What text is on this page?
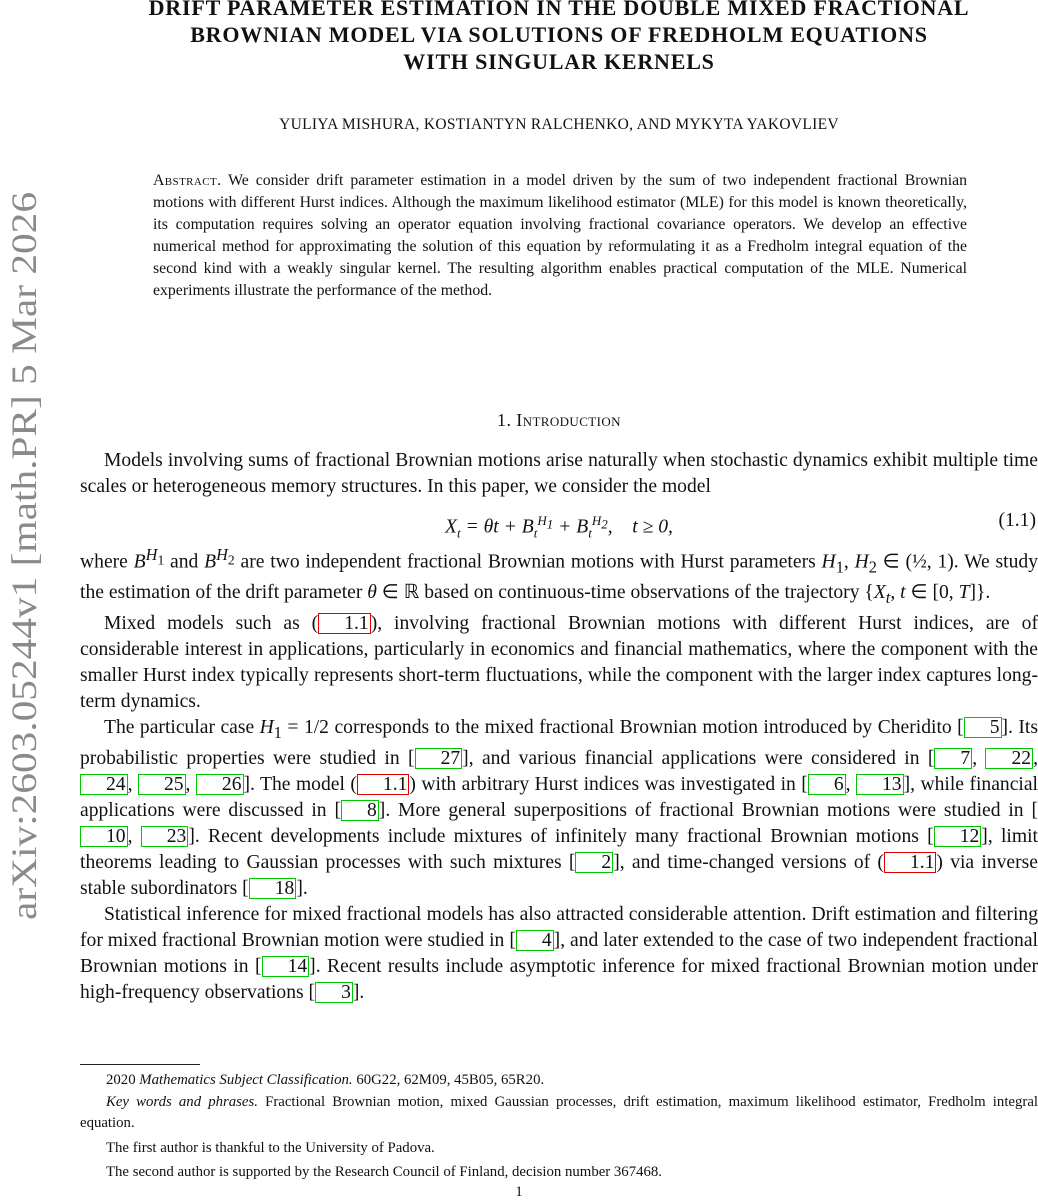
arXiv:2603.05244v1 [math.PR] 5 Mar 2026
DRIFT PARAMETER ESTIMATION IN THE DOUBLE MIXED FRACTIONAL
BROWNIAN MODEL VIA SOLUTIONS OF FREDHOLM EQUATIONS
WITH SINGULAR KERNELS
YULIYA MISHURA, KOSTIANTYN RALCHENKO, AND MYKYTA YAKOVLIEV
Abstract. We consider drift parameter estimation in a model driven by the sum of two independent fractional Brownian motions with different Hurst indices. Although the maximum likelihood estimator (MLE) for this model is known theoretically, its computation requires solving an operator equation involving fractional covariance operators. We develop an effective numerical method for approximating the solution of this equation by reformulating it as a Fredholm integral equation of the second kind with a weakly singular kernel. The resulting algorithm enables practical computation of the MLE. Numerical experiments illustrate the performance of the method.
1. Introduction

Models involving sums of fractional Brownian motions arise naturally when stochastic dynamics exhibit multiple time scales or heterogeneous memory structures. In this paper, we consider the model

$X_t = \theta t + B_t^{H_1} + B_t^{H_2}$,    t ≥ 0,	(1.1)

where $B^{H_1}$ and $B^{H_2}$ are two independent fractional Brownian motions with Hurst parameters $H_1$, $H_2$ ∈ (½, 1). We study the estimation of the drift parameter θ ∈ ℝ based on continuous-time observations of the trajectory {$X_t$, t ∈ [0, T]}.

Mixed models such as ( 1.1 ), involving fractional Brownian motions with different Hurst indices, are of considerable interest in applications, particularly in economics and financial mathematics, where the component with the smaller Hurst index typically represents short-term fluctuations, while the component with the larger index captures long-term dynamics.

The particular case $H_1 = 1/2$ corresponds to the mixed fractional Brownian motion introduced by Cheridito [ 5 ]. Its probabilistic properties were studied in [ 27 ], and various financial applications were considered in [ 7 , 22 , 24 , 25 , 26 ]. The model ( 1.1 ) with arbitrary Hurst indices was investigated in [ 6 , 13 ], while financial applications were discussed in [ 8 ]. More general superpositions of fractional Brownian motions were studied in [10 , 23 ]. Recent developments include mixtures of infinitely many fractional Brownian motions [ 12 ], limit theorems leading to Gaussian processes with such mixtures [ 2 ], and time-changed versions of ( 1.1 ) via inverse stable subordinators [ 18 ].

Statistical inference for mixed fractional models has also attracted considerable attention. Drift estimation and filtering for mixed fractional Brownian motion were studied in [ 4 ], and later extended to the case of two independent fractional Brownian motions in [ 14 ]. Recent results include asymptotic inference for mixed fractional Brownian motion under high-frequency observations [ 3 ].

2020 Mathematics Subject Classification. 60G22, 62M09, 45B05, 65R20.

Key words and phrases. Fractional Brownian motion, mixed Gaussian processes, drift estimation, maximum likelihood estimator, Fredholm integral equation.

The first author is thankful to the University of Padova.

The second author is supported by the Research Council of Finland, decision number 367468.

1
